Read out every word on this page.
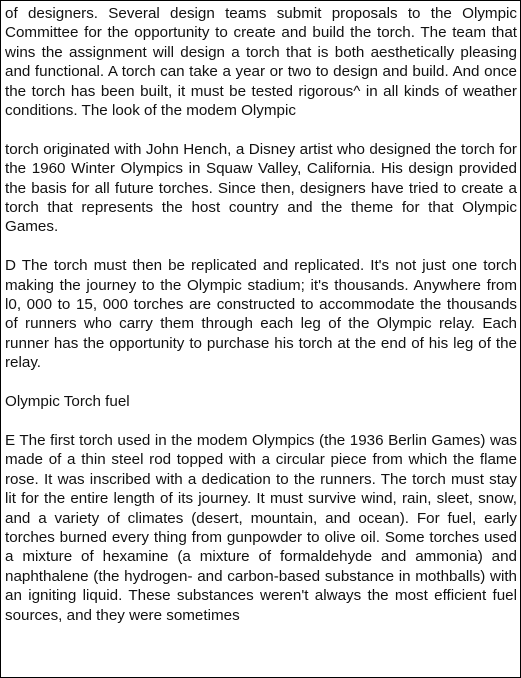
of designers. Several design teams submit proposals to the Olympic Committee for the opportunity to create and build the torch. The team that wins the assignment will design a torch that is both aesthetically pleasing and functional. A torch can take a year or two to design and build. And once the torch has been built, it must be tested rigorous^ in all kinds of weather conditions. The look of the modem Olympic

torch originated with John Hench, a Disney artist who designed the torch for the 1960 Winter Olympics in Squaw Valley, California. His design provided the basis for all future torches. Since then, designers have tried to create a torch that represents the host country and the theme for that Olympic Games.

D The torch must then be replicated and replicated. It's not just one torch making the journey to the Olympic stadium; it's thousands. Anywhere from l0, 000 to 15, 000 torches are constructed to accommodate the thousands of runners who carry them through each leg of the Olympic relay. Each runner has the opportunity to purchase his torch at the end of his leg of the relay.

Olympic Torch fuel

E The first torch used in the modem Olympics (the 1936 Berlin Games) was made of a thin steel rod topped with a circular piece from which the flame rose. It was inscribed with a dedication to the runners. The torch must stay lit for the entire length of its journey. It must survive wind, rain, sleet, snow, and a variety of climates (desert, mountain, and ocean). For fuel, early torches burned every thing from gunpowder to olive oil. Some torches used a mixture of hexamine (a mixture of formaldehyde and ammonia) and naphthalene (the hydrogen- and carbon-based substance in mothballs) with an igniting liquid. These substances weren't always the most efficient fuel sources, and they were sometimes
